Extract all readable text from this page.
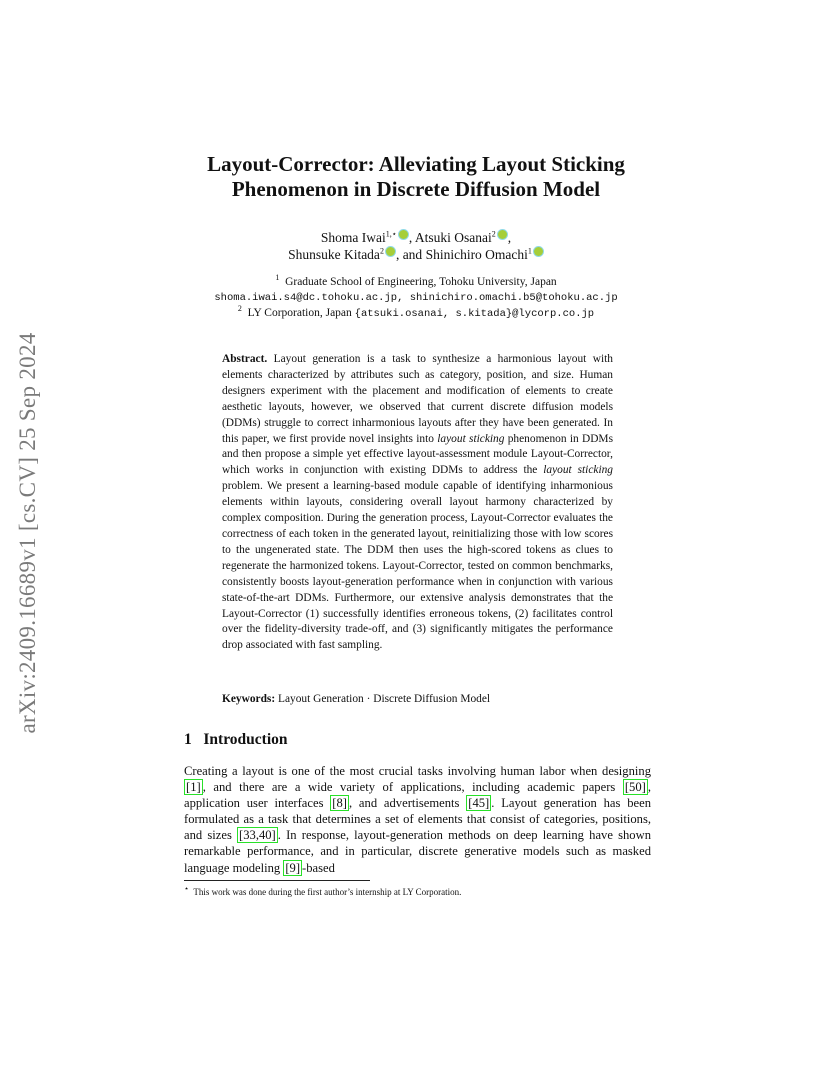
arXiv:2409.16689v1 [cs.CV] 25 Sep 2024
Layout-Corrector: Alleviating Layout Sticking Phenomenon in Discrete Diffusion Model
Shoma Iwai$^{1,⋆}$ , Atsuki Osanai$^2$ ,
Shunsuke Kitada$^2$ , and Shinichiro Omachi$^1$
$^1$ Graduate School of Engineering, Tohoku University, Japan
shoma.iwai.s4@dc.tohoku.ac.jp, shinichiro.omachi.b5@tohoku.ac.jp
$^2$ LY Corporation, Japan {atsuki.osanai, s.kitada}@lycorp.co.jp
Abstract. Layout generation is a task to synthesize a harmonious layout with elements characterized by attributes such as category, position, and size. Human designers experiment with the placement and modification of elements to create aesthetic layouts, however, we observed that current discrete diffusion models (DDMs) struggle to correct inharmonious layouts after they have been generated. In this paper, we first provide novel insights into layout sticking phenomenon in DDMs and then propose a simple yet effective layout-assessment module Layout-Corrector, which works in conjunction with existing DDMs to address the layout sticking problem. We present a learning-based module capable of identifying inharmonious elements within layouts, considering overall layout harmony characterized by complex composition. During the generation process, Layout-Corrector evaluates the correctness of each token in the generated layout, reinitializing those with low scores to the ungenerated state. The DDM then uses the high-scored tokens as clues to regenerate the harmonized tokens. Layout-Corrector, tested on common benchmarks, consistently boosts layout-generation performance when in conjunction with various state-of-the-art DDMs. Furthermore, our extensive analysis demonstrates that the Layout-Corrector (1) successfully identifies erroneous tokens, (2) facilitates control over the fidelity-diversity trade-off, and (3) significantly mitigates the performance drop associated with fast sampling.
Keywords: Layout Generation · Discrete Diffusion Model
1 Introduction
Creating a layout is one of the most crucial tasks involving human labor when designing [1] , and there are a wide variety of applications, including academic papers [50] , application user interfaces [8] , and advertisements [45] . Layout generation has been formulated as a task that determines a set of elements that consist of categories, positions, and sizes [33,40] . In response, layout-generation methods on deep learning have shown remarkable performance, and in particular, discrete generative models such as masked language modeling [9] -based
⋆ This work was done during the first author’s internship at LY Corporation.
